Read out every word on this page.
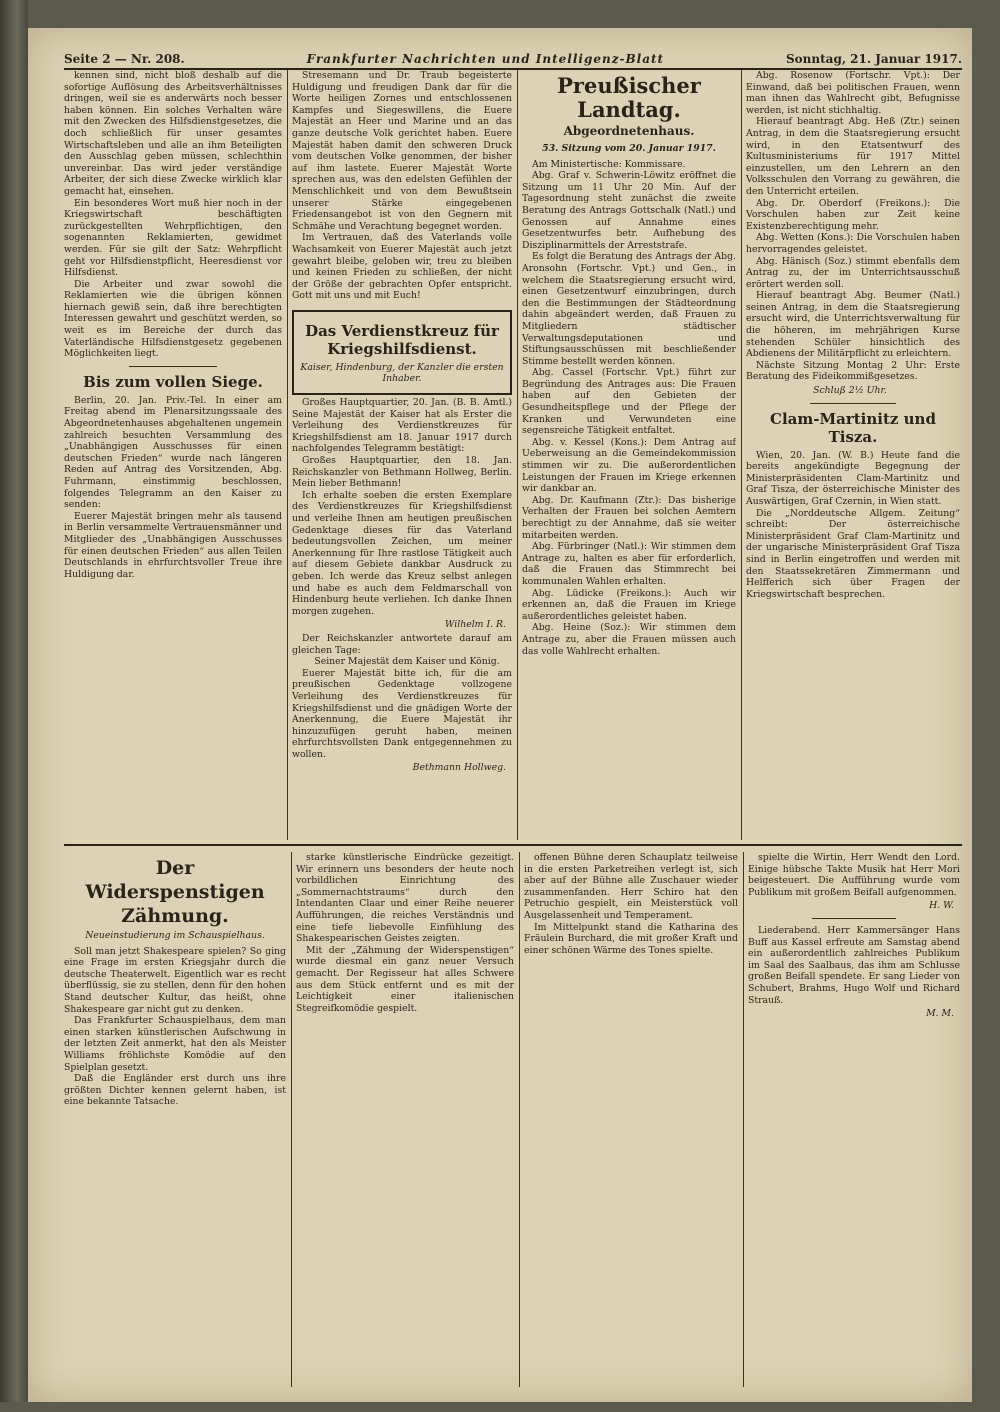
Seite 2 — Nr. 208.	Frankfurter Nachrichten und Intelligenz-Blatt	Sonntag, 21. Januar 1917.

kennen sind, nicht bloß deshalb auf die sofortige Auflösung des Arbeitsverhältnisses dringen, weil sie es anderwärts noch besser haben können. Ein solches Verhalten wäre mit den Zwecken des Hilfsdienstgesetzes, die doch schließlich für unser gesamtes Wirtschaftsleben und alle an ihm Beteiligten den Ausschlag geben müssen, schlechthin unvereinbar. Das wird jeder verständige Arbeiter, der sich diese Zwecke wirklich klar gemacht hat, einsehen.

Ein besonderes Wort muß hier noch in der Kriegswirtschaft beschäftigten zurückgestellten Wehrpflichtigen, den sogenannten Reklamierten, gewidmet werden. Für sie gilt der Satz: Wehrpflicht geht vor Hilfsdienstpflicht, Heeresdienst vor Hilfsdienst.

Die Arbeiter und zwar sowohl die Reklamierten wie die übrigen können hiernach gewiß sein, daß ihre berechtigten Interessen gewahrt und geschützt werden, so weit es im Bereiche der durch das Vaterländische Hilfsdienstgesetz gegebenen Möglichkeiten liegt.

Bis zum vollen Siege.

Berlin, 20. Jan. Priv.-Tel. In einer am Freitag abend im Plenarsitzungssaale des Abgeordnetenhauses abgehaltenen ungemein zahlreich besuchten Versammlung des „Unabhängigen Ausschusses für einen deutschen Frieden“ wurde nach längeren Reden auf Antrag des Vorsitzenden, Abg. Fuhrmann, einstimmig beschlossen, folgendes Telegramm an den Kaiser zu senden:

Euerer Majestät bringen mehr als tausend in Berlin versammelte Vertrauensmänner und Mitglieder des „Unabhängigen Ausschusses für einen deutschen Frieden“ aus allen Teilen Deutschlands in ehrfurchtsvoller Treue ihre Huldigung dar.

Stresemann und Dr. Traub begeisterte Huldigung und freudigen Dank dar für die Worte heiligen Zornes und entschlossenen Kampfes und Siegeswillens, die Euere Majestät an Heer und Marine und an das ganze deutsche Volk gerichtet haben. Euere Majestät haben damit den schweren Druck vom deutschen Volke genommen, der bisher auf ihm lastete. Euerer Majestät Worte sprechen aus, was den edelsten Gefühlen der Menschlichkeit und von dem Bewußtsein unserer Stärke eingegebenen Friedensangebot ist von den Gegnern mit Schmähe und Verachtung begegnet worden.

Im Vertrauen, daß des Vaterlands volle Wachsamkeit von Euerer Majestät auch jetzt gewahrt bleibe, geloben wir, treu zu bleiben und keinen Frieden zu schließen, der nicht der Größe der gebrachten Opfer entspricht. Gott mit uns und mit Euch!

Das Verdienstkreuz für Kriegshilfsdienst.
Kaiser, Hindenburg, der Kanzler die ersten Inhaber.

Großes Hauptquartier, 20. Jan. (B. B. Amtl.) Seine Majestät der Kaiser hat als Erster die Verleihung des Verdienstkreuzes für Kriegshilfsdienst am 18. Januar 1917 durch nachfolgendes Telegramm bestätigt:

Großes Hauptquartier, den 18. Jan. Reichskanzler von Bethmann Hollweg, Berlin. Mein lieber Bethmann!

Ich erhalte soeben die ersten Exemplare des Verdienstkreuzes für Kriegshilfsdienst und verleihe Ihnen am heutigen preußischen Gedenktage dieses für das Vaterland bedeutungsvollen Zeichen, um meiner Anerkennung für Ihre rastlose Tätigkeit auch auf diesem Gebiete dankbar Ausdruck zu geben. Ich werde das Kreuz selbst anlegen und habe es auch dem Feldmarschall von Hindenburg heute verliehen. Ich danke Ihnen morgen zugehen.

Wilhelm I. R.

Der Reichskanzler antwortete darauf am gleichen Tage:

Seiner Majestät dem Kaiser und König.

Euerer Majestät bitte ich, für die am preußischen Gedenktage vollzogene Verleihung des Verdienstkreuzes für Kriegshilfsdienst und die gnädigen Worte der Anerkennung, die Euere Majestät ihr hinzuzufügen geruht haben, meinen ehrfurchtsvollsten Dank entgegennehmen zu wollen.

Bethmann Hollweg.
Preußischer Landtag.
Abgeordnetenhaus.
53. Sitzung vom 20. Januar 1917.

Am Ministertische: Kommissare.

Abg. Graf v. Schwerin-Löwitz eröffnet die Sitzung um 11 Uhr 20 Min. Auf der Tagesordnung steht zunächst die zweite Beratung des Antrags Gottschalk (Natl.) und Genossen auf Annahme eines Gesetzentwurfes betr. Aufhebung des Disziplinarmittels der Arreststrafe.

Es folgt die Beratung des Antrags der Abg. Aronsohn (Fortschr. Vpt.) und Gen., in welchem die Staatsregierung ersucht wird, einen Gesetzentwurf einzubringen, durch den die Bestimmungen der Städteordnung dahin abgeändert werden, daß Frauen zu Mitgliedern städtischer Verwaltungsdeputationen und Stiftungsausschüssen mit beschließender Stimme bestellt werden können.

Abg. Cassel (Fortschr. Vpt.) führt zur Begründung des Antrages aus: Die Frauen haben auf den Gebieten der Gesundheitspflege und der Pflege der Kranken und Verwundeten eine segensreiche Tätigkeit entfaltet.

Abg. v. Kessel (Kons.): Dem Antrag auf Ueberweisung an die Gemeindekommission stimmen wir zu. Die außerordentlichen Leistungen der Frauen im Kriege erkennen wir dankbar an.

Abg. Dr. Kaufmann (Ztr.): Das bisherige Verhalten der Frauen bei solchen Aemtern berechtigt zu der Annahme, daß sie weiter mitarbeiten werden.

Abg. Fürbringer (Natl.): Wir stimmen dem Antrage zu, halten es aber für erforderlich, daß die Frauen das Stimmrecht bei kommunalen Wahlen erhalten.

Abg. Lüdicke (Freikons.): Auch wir erkennen an, daß die Frauen im Kriege außerordentliches geleistet haben.

Abg. Heine (Soz.): Wir stimmen dem Antrage zu, aber die Frauen müssen auch das volle Wahlrecht erhalten.

Abg. Rosenow (Fortschr. Vpt.): Der Einwand, daß bei politischen Frauen, wenn man ihnen das Wahlrecht gibt, Befugnisse werden, ist nicht stichhaltig.

Hierauf beantragt Abg. Heß (Ztr.) seinen Antrag, in dem die Staatsregierung ersucht wird, in den Etatsentwurf des Kultusministeriums für 1917 Mittel einzustellen, um den Lehrern an den Volksschulen den Vorrang zu gewähren, die den Unterricht erteilen.

Abg. Dr. Oberdorf (Freikons.): Die Vorschulen haben zur Zeit keine Existenzberechtigung mehr.

Abg. Wetten (Kons.): Die Vorschulen haben hervorragendes geleistet.

Abg. Hänisch (Soz.) stimmt ebenfalls dem Antrag zu, der im Unterrichtsausschuß erörtert werden soll.

Hierauf beantragt Abg. Beumer (Natl.) seinen Antrag, in dem die Staatsregierung ersucht wird, die Unterrichtsverwaltung für die höheren, im mehrjährigen Kurse stehenden Schüler hinsichtlich des Abdienens der Militärpflicht zu erleichtern.

Nächste Sitzung Montag 2 Uhr: Erste Beratung des Fideikommißgesetzes.

Schluß 2½ Uhr.
Clam-Martinitz und Tisza.

Wien, 20. Jan. (W. B.) Heute fand die bereits angekündigte Begegnung der Ministerpräsidenten Clam-Martinitz und Graf Tisza, der österreichische Minister des Auswärtigen, Graf Czernin, in Wien statt.

Die „Norddeutsche Allgem. Zeitung“ schreibt: Der österreichische Ministerpräsident Graf Clam-Martinitz und der ungarische Ministerpräsident Graf Tisza sind in Berlin eingetroffen und werden mit den Staatssekretären Zimmermann und Helfferich sich über Fragen der Kriegswirtschaft besprechen.

Der Widerspenstigen Zähmung.
Neueinstudierung im Schauspielhaus.

Soll man jetzt Shakespeare spielen? So ging eine Frage im ersten Kriegsjahr durch die deutsche Theaterwelt. Eigentlich war es recht überflüssig, sie zu stellen, denn für den hohen Stand deutscher Kultur, das heißt, ohne Shakespeare gar nicht gut zu denken.

Das Frankfurter Schauspielhaus, dem man einen starken künstlerischen Aufschwung in der letzten Zeit anmerkt, hat den als Meister Williams fröhlichste Komödie auf den Spielplan gesetzt.

Daß die Engländer erst durch uns ihre größten Dichter kennen gelernt haben, ist eine bekannte Tatsache.

starke künstlerische Eindrücke gezeitigt. Wir erinnern uns besonders der heute noch vorbildlichen Einrichtung des „Sommernachtstraums“ durch den Intendanten Claar und einer Reihe neuerer Aufführungen, die reiches Verständnis und eine tiefe liebevolle Einfühlung des Shakespearischen Geistes zeigten.

Mit der „Zähmung der Widerspenstigen“ wurde diesmal ein ganz neuer Versuch gemacht. Der Regisseur hat alles Schwere aus dem Stück entfernt und es mit der Leichtigkeit einer italienischen Stegreifkomödie gespielt.

offenen Bühne deren Schauplatz teilweise in die ersten Parketreihen verlegt ist, sich aber auf der Bühne alle Zuschauer wieder zusammenfanden. Herr Schiro hat den Petruchio gespielt, ein Meisterstück voll Ausgelassenheit und Temperament.

Im Mittelpunkt stand die Katharina des Fräulein Burchard, die mit großer Kraft und einer schönen Wärme des Tones spielte.

spielte die Wirtin, Herr Wendt den Lord. Einige hübsche Takte Musik hat Herr Mori beigesteuert. Die Aufführung wurde vom Publikum mit großem Beifall aufgenommen.

H. W.

Liederabend. Herr Kammersänger Hans Buff aus Kassel erfreute am Samstag abend ein außerordentlich zahlreiches Publikum im Saal des Saalbaus, das ihm am Schlusse großen Beifall spendete. Er sang Lieder von Schubert, Brahms, Hugo Wolf und Richard Strauß.

M. M.
